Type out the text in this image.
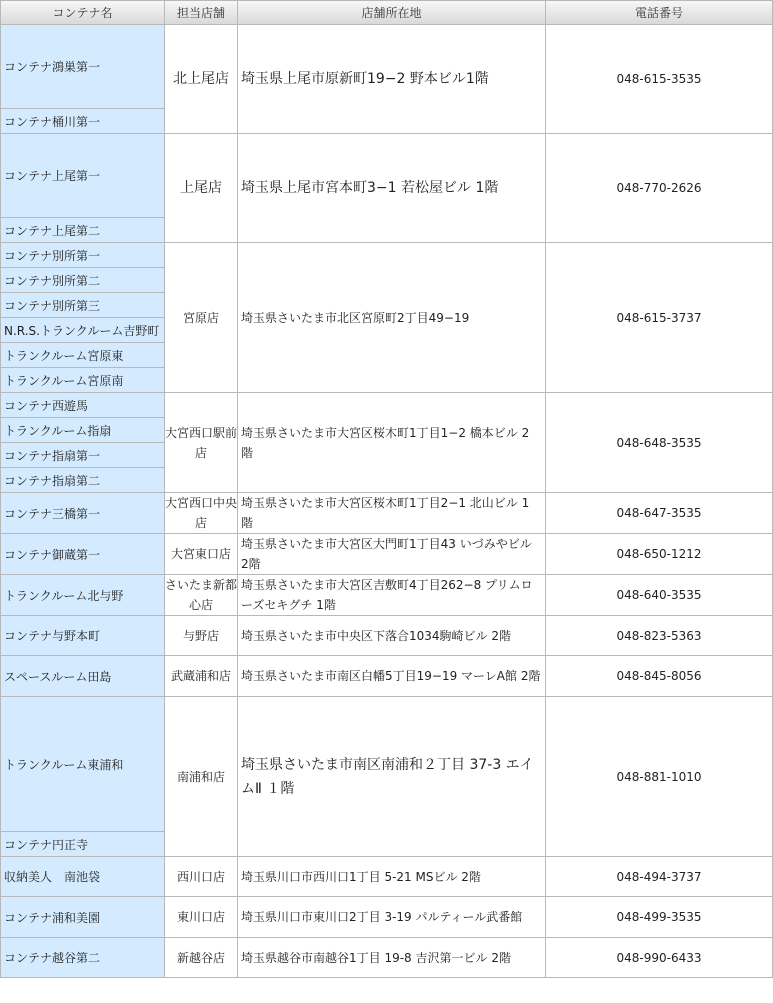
コンテナ名	担当店舗	店舗所在地	電話番号
コンテナ鴻巣第一	北上尾店	埼玉県上尾市原新町19−2 野本ビル1階	048-615-3535
コンテナ桶川第一			
コンテナ上尾第一	上尾店	埼玉県上尾市宮本町3−1 若松屋ビル 1階	048-770-2626
コンテナ上尾第二			
コンテナ別所第一	宮原店	埼玉県さいたま市北区宮原町2丁目49−19	048-615-3737
コンテナ別所第二			
コンテナ別所第三			
N.R.S.トランクルーム吉野町			
トランクルーム宮原東			
トランクルーム宮原南			
コンテナ西遊馬	大宮西口駅前店	埼玉県さいたま市大宮区桜木町1丁目1−2 橋本ビル 2階	048-648-3535
トランクルーム指扇			
コンテナ指扇第一			
コンテナ指扇第二			
コンテナ三橋第一	大宮西口中央店	埼玉県さいたま市大宮区桜木町1丁目2−1 北山ビル 1階	048-647-3535
コンテナ御蔵第一	大宮東口店	埼玉県さいたま市大宮区大門町1丁目43 いづみやビル 2階	048-650-1212
トランクルーム北与野	さいたま新都心店	埼玉県さいたま市大宮区吉敷町4丁目262−8 プリムローズセキグチ 1階	048-640-3535
コンテナ与野本町	与野店	埼玉県さいたま市中央区下落合1034駒崎ビル 2階	048-823-5363
スペースルーム田島	武蔵浦和店	埼玉県さいたま市南区白幡5丁目19−19 マーレA館 2階	048-845-8056
トランクルーム東浦和	南浦和店	埼玉県さいたま市南区南浦和２丁目 37-3 エイムⅡ １階	048-881-1010
コンテナ円正寺			
収納美人　南池袋	西川口店	埼玉県川口市西川口1丁目 5-21 MSビル 2階	048-494-3737
コンテナ浦和美園	東川口店	埼玉県川口市東川口2丁目 3-19 パルティール武番館	048-499-3535
コンテナ越谷第二	新越谷店	埼玉県越谷市南越谷1丁目 19-8 吉沢第一ビル 2階	048-990-6433
